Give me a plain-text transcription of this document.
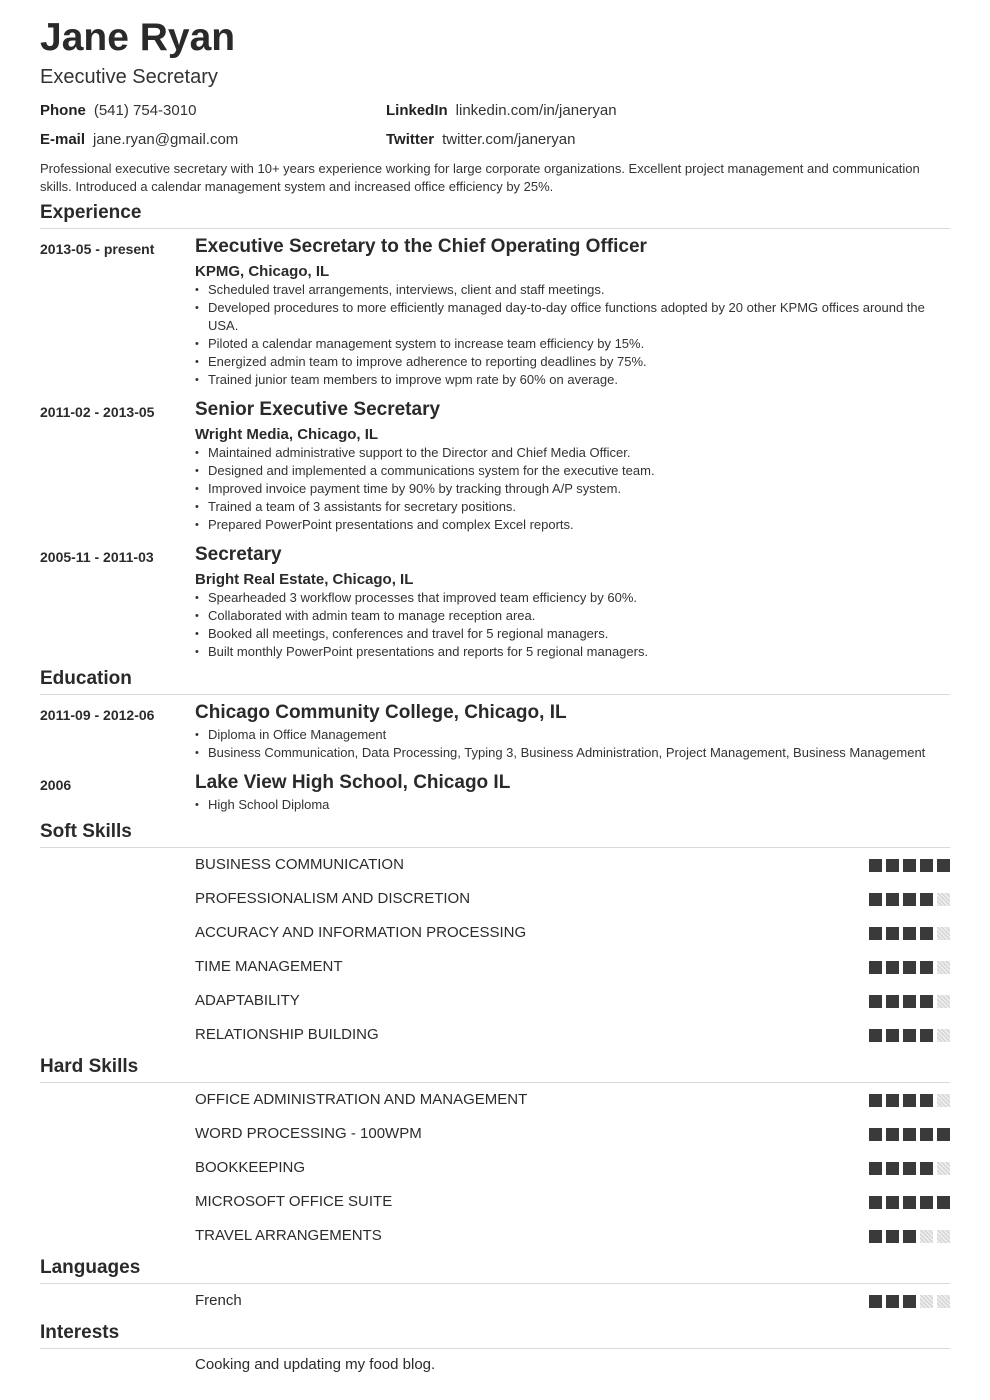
Jane Ryan
Executive Secretary
Phone (541) 754-3010	LinkedIn linkedin.com/in/janeryan
E-mail jane.ryan@gmail.com	Twitter twitter.com/janeryan
Professional executive secretary with 10+ years experience working for large corporate organizations. Excellent project management and communication skills. Introduced a calendar management system and increased office efficiency by 25%.
Experience
2013-05 - present Executive Secretary to the Chief Operating Officer
KPMG, Chicago, IL
• Scheduled travel arrangements, interviews, client and staff meetings.
• Developed procedures to more efficiently managed day-to-day office functions adopted by 20 other KPMG offices around the USA.
• Piloted a calendar management system to increase team efficiency by 15%.
• Energized admin team to improve adherence to reporting deadlines by 75%.
• Trained junior team members to improve wpm rate by 60% on average.
2011-02 - 2013-05 Senior Executive Secretary
Wright Media, Chicago, IL
• Maintained administrative support to the Director and Chief Media Officer.
• Designed and implemented a communications system for the executive team.
• Improved invoice payment time by 90% by tracking through A/P system.
• Trained a team of 3 assistants for secretary positions.
• Prepared PowerPoint presentations and complex Excel reports.
2005-11 - 2011-03 Secretary
Bright Real Estate, Chicago, IL
• Spearheaded 3 workflow processes that improved team efficiency by 60%.
• Collaborated with admin team to manage reception area.
• Booked all meetings, conferences and travel for 5 regional managers.
• Built monthly PowerPoint presentations and reports for 5 regional managers.
Education
2011-09 - 2012-06 Chicago Community College, Chicago, IL
• Diploma in Office Management
• Business Communication, Data Processing, Typing 3, Business Administration, Project Management, Business Management
2006	Lake View High School, Chicago IL
• High School Diploma
Soft Skills
BUSINESS COMMUNICATION
PROFESSIONALISM AND DISCRETION
ACCURACY AND INFORMATION PROCESSING
TIME MANAGEMENT
ADAPTABILITY
RELATIONSHIP BUILDING
Hard Skills
OFFICE ADMINISTRATION AND MANAGEMENT
WORD PROCESSING - 100WPM
BOOKKEEPING
MICROSOFT OFFICE SUITE
TRAVEL ARRANGEMENTS
Languages
French
Interests
Cooking and updating my food blog.
